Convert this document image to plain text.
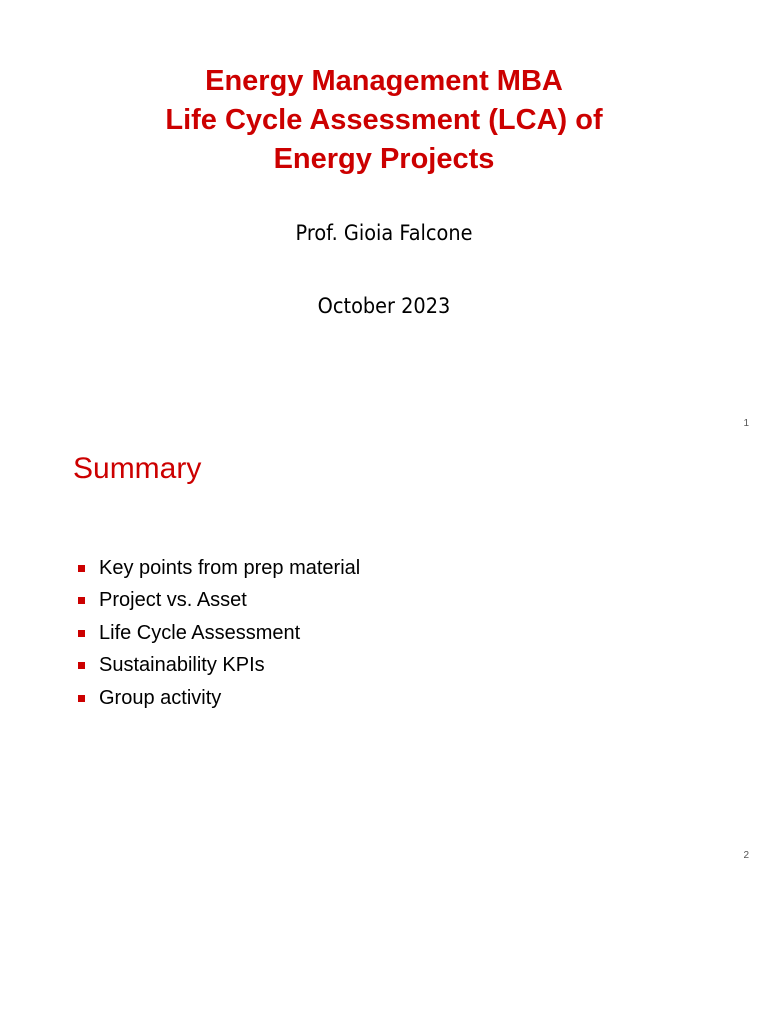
Energy Management MBA
Life Cycle Assessment (LCA) of
Energy Projects
Prof. Gioia Falcone
October 2023
1
Summary
Key points from prep material
Project vs. Asset
Life Cycle Assessment
Sustainability KPIs
Group activity
2
